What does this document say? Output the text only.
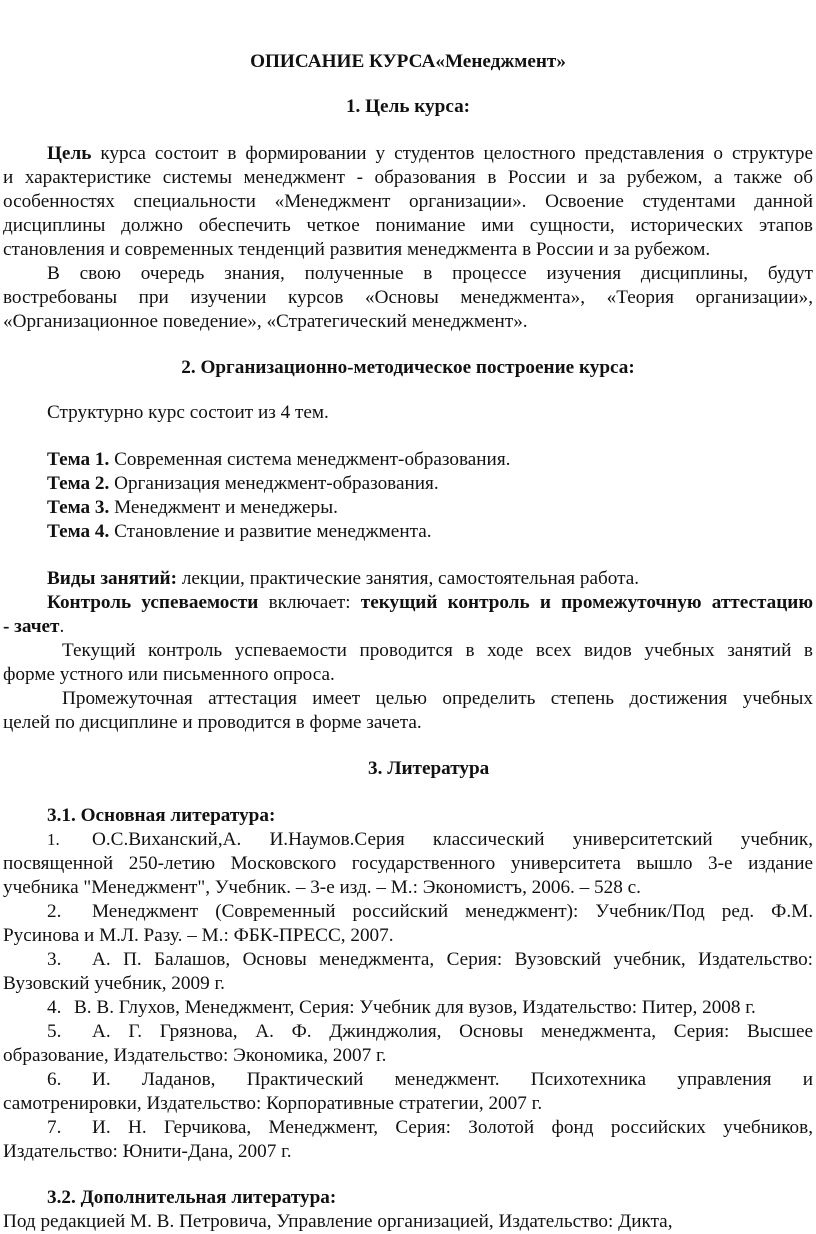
ОПИСАНИЕ КУРСА«Менеджмент»
1. Цель курса:
Цель курса состоит в формировании у студентов целостного представления о структуре
и характеристике системы менеджмент - образования в России и за рубежом, а также об
особенностях специальности «Менеджмент организации». Освоение студентами данной
дисциплины должно обеспечить четкое понимание ими сущности, исторических этапов
становления и современных тенденций развития менеджмента в России и за рубежом.
В свою очередь знания, полученные в процессе изучения дисциплины, будут
востребованы при изучении курсов «Основы менеджмента», «Теория организации»,
«Организационное поведение», «Стратегический менеджмент».
2. Организационно-методическое построение курса:
Структурно курс состоит из 4 тем.
Тема 1. Современная система менеджмент-образования.
Тема 2. Организация менеджмент-образования.
Тема 3. Менеджмент и менеджеры.
Тема 4. Становление и развитие менеджмента.
Виды занятий: лекции, практические занятия, самостоятельная работа.
Контроль успеваемости включает: текущий контроль и промежуточную аттестацию
- зачет.
Текущий контроль успеваемости проводится в ходе всех видов учебных занятий в
форме устного или письменного опроса.
Промежуточная аттестация имеет целью определить степень достижения учебных
целей по дисциплине и проводится в форме зачета.
3. Литература
3.1. Основная литература:
1.	О.С.Виханский,А. И.Наумов.Серия классический университетский учебник,
посвященной 250-летию Московского государственного университета вышло 3-е издание
учебника "Менеджмент", Учебник. – 3-е изд. – М.: Экономистъ, 2006. – 528 с.
2.	Менеджмент (Современный российский менеджмент): Учебник/Под ред. Ф.М.
Русинова и М.Л. Разу. – М.: ФБК-ПРЕСС, 2007.
3.	А. П. Балашов, Основы менеджмента, Серия: Вузовский учебник, Издательство:
Вузовский учебник, 2009 г.
4. В. В. Глухов, Менеджмент, Серия: Учебник для вузов, Издательство: Питер, 2008 г.
5.	А. Г. Грязнова, А. Ф. Джинджолия, Основы менеджмента, Серия: Высшее
образование, Издательство: Экономика, 2007 г.
6.	И. Ладанов, Практический менеджмент. Психотехника управления и
самотренировки, Издательство: Корпоративные стратегии, 2007 г.
7.	И. Н. Герчикова, Менеджмент, Серия: Золотой фонд российских учебников,
Издательство: Юнити-Дана, 2007 г.
3.2. Дополнительная литература:
Под редакцией М. В. Петровича, Управление организацией, Издательство: Дикта,
